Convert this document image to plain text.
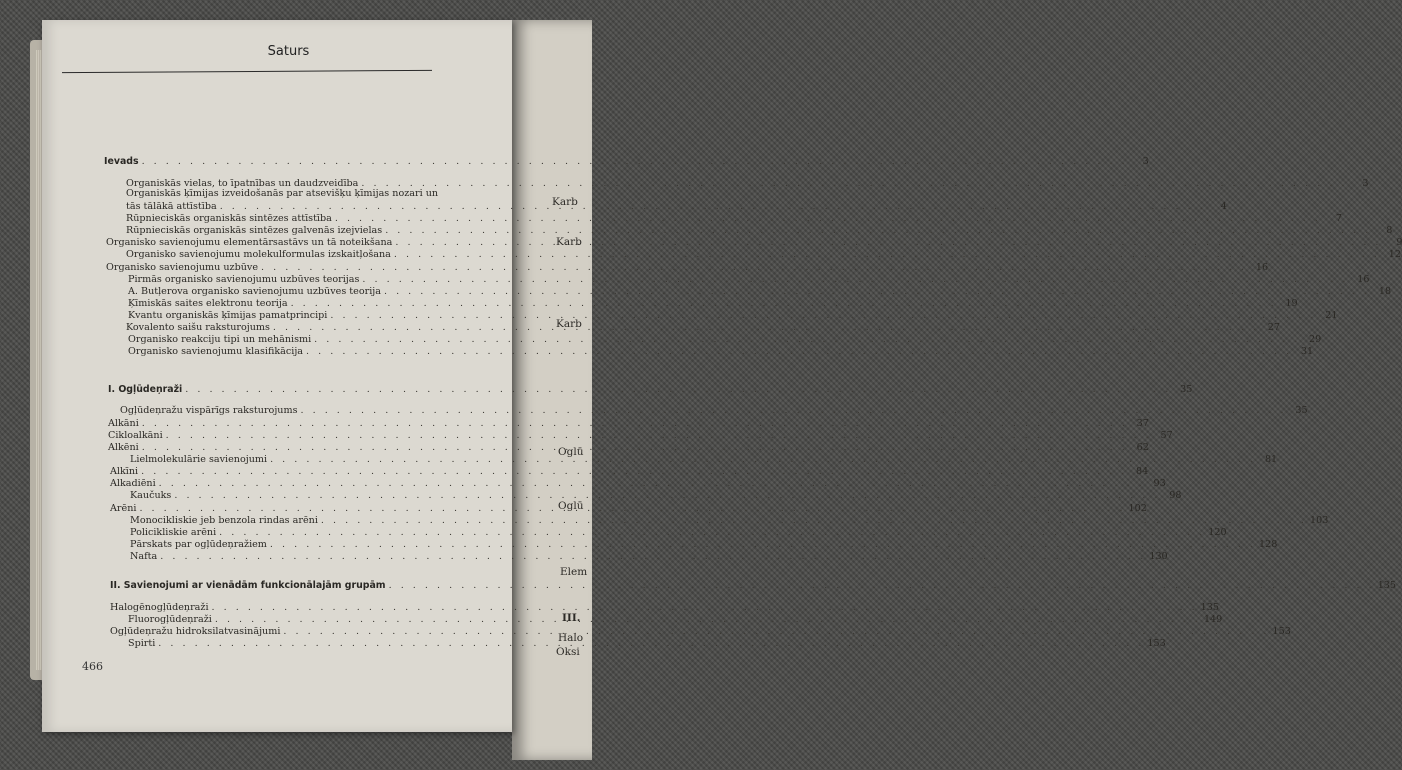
Karb
Karb
Karb
Oglū
Oglū
Elem
III.
Halo
Oksi
Saturs
Ievads . . .	3
Organiskās vielas, to īpatnības un daudzveidība . . .	3
Organiskās ķīmijas izveidošanās par atsevišķu ķīmijas nozari un
tās tālākā attīstība . . .	4
Rūpnieciskās organiskās sintēzes attīstība . . .	7
Rūpnieciskās organiskās sintēzes galvenās izejvielas . . .	8
Organisko savienojumu elementārsastāvs un tā noteikšana . . .	9
Organisko savienojumu molekulformulas izskaitļošana . . .	12
Organisko savienojumu uzbūve . . .	16
Pirmās organisko savienojumu uzbūves teorijas . . .	16
A. Butļerova organisko savienojumu uzbūves teorija . . .	18
Ķīmiskās saites elektronu teorija . . .	19
Kvantu organiskās ķīmijas pamatprincipi . . .	21
Kovalento saišu raksturojums . . .	27
Organisko reakciju tipi un mehānismi . . .	29
Organisko savienojumu klasifikācija . . .	31
I. Ogļūdeņraži . . .	35
Ogļūdeņražu vispārīgs raksturojums . . .	35
Alkāni . . .	37
Cikloalkāni . . .	57
Alkēni . . .	62
Lielmolekulārie savienojumi . . .	81
Alkīni . . .	84
Alkadiēni . . .	93
Kaučuks . . .	98
Arēni . . .	102
Monocikliskie jeb benzola rindas arēni . . .	103
Policikliskie arēni . . .	120
Pārskats par ogļūdeņražiem . . .	128
Nafta . . .	130
II. Savienojumi ar vienādām funkcionālajām grupām . . .	135
Halogēnogļūdeņraži . . .	135
Fluorogļūdeņraži . . .	149
Ogļūdeņražu hidroksilatvasinājumi . . .	153
Spirti . . .	153
466
